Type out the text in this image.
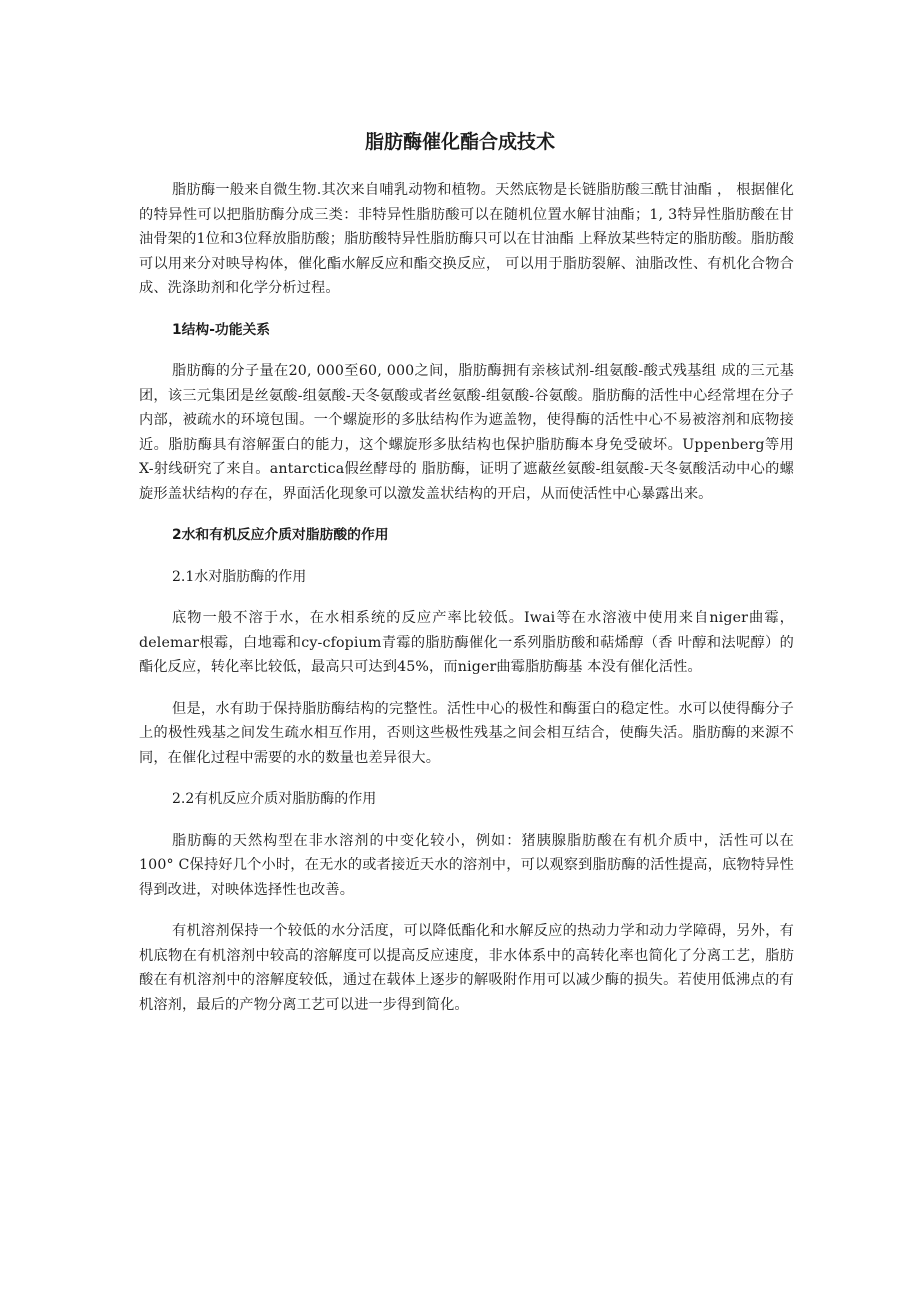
脂肪酶催化酯合成技术

脂肪酶一般来自微生物.其次来自哺乳动物和植物。天然底物是长链脂肪酸三酰甘油酯 ， 根据催化的特异性可以把脂肪酶分成三类：非特异性脂肪酸可以在随机位置水解甘油酯；1, 3特异性脂肪酸在甘油骨架的1位和3位释放脂肪酸；脂肪酸特异性脂肪酶只可以在甘油酯 上释放某些特定的脂肪酸。脂肪酸可以用来分对映导构体，催化酯水解反应和酯交换反应， 可以用于脂肪裂解、油脂改性、有机化合物合成、洗涤助剂和化学分析过程。

1结构-功能关系

脂肪酶的分子量在20, 000至60, 000之间，脂肪酶拥有亲核试剂-组氨酸-酸式残基组 成的三元基团，该三元集团是丝氨酸-组氨酸-天冬氨酸或者丝氨酸-组氨酸-谷氨酸。脂肪酶的活性中心经常埋在分子内部，被疏水的环境包围。一个螺旋形的多肽结构作为遮盖物，使得酶的活性中心不易被溶剂和底物接近。脂肪酶具有溶解蛋白的能力，这个螺旋形多肽结构也保护脂肪酶本身免受破坏。Uppenberg等用X-射线研究了来自。antarctica假丝酵母的 脂肪酶，证明了遮蔽丝氨酸-组氨酸-天冬氨酸活动中心的螺旋形盖状结构的存在，界面活化现象可以激发盖状结构的开启，从而使活性中心暴露出来。

2水和有机反应介质对脂肪酸的作用

2.1水对脂肪酶的作用

底物一般不溶于水，在水相系统的反应产率比较低。Iwai等在水溶液中使用来自niger曲霉，delemar根霉，白地霉和cy-cfopium青霉的脂肪酶催化一系列脂肪酸和萜烯醇（香 叶醇和法呢醇）的酯化反应，转化率比较低，最高只可达到45%，而niger曲霉脂肪酶基 本没有催化活性。

但是，水有助于保持脂肪酶结构的完整性。活性中心的极性和酶蛋白的稳定性。水可以使得酶分子上的极性残基之间发生疏水相互作用，否则这些极性残基之间会相互结合，使酶失活。脂肪酶的来源不同，在催化过程中需要的水的数量也差异很大。

2.2有机反应介质对脂肪酶的作用

脂肪酶的天然构型在非水溶剂的中变化较小，例如：猪胰腺脂肪酸在有机介质中，活性可以在100° C保持好几个小时，在无水的或者接近天水的溶剂中，可以观察到脂肪酶的活性提高，底物特异性得到改进，对映体选择性也改善。

有机溶剂保持一个较低的水分活度，可以降低酯化和水解反应的热动力学和动力学障碍，另外，有机底物在有机溶剂中较高的溶解度可以提高反应速度，非水体系中的高转化率也简化了分离工艺，脂肪酸在有机溶剂中的溶解度较低，通过在载体上逐步的解吸附作用可以减少酶的损失。若使用低沸点的有机溶剂，最后的产物分离工艺可以进一步得到简化。
